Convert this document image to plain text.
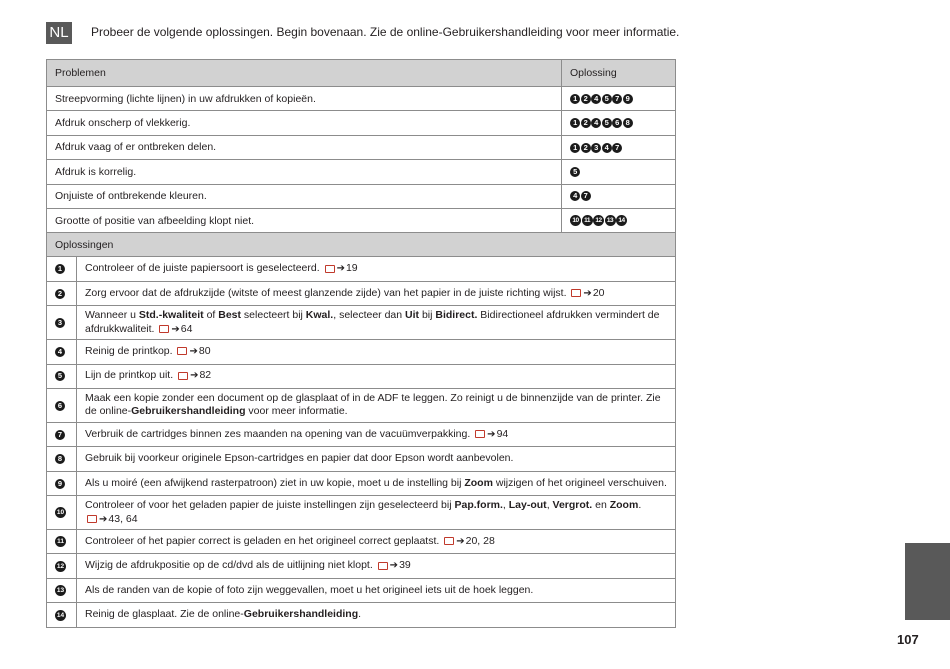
NL Probeer de volgende oplossingen. Begin bovenaan. Zie de online-Gebruikershandleiding voor meer informatie.
Problemen		Oplossing
Streepvorming (lichte lijnen) in uw afdrukken of kopieën.		1 2 4 5 7 9
Afdruk onscherp of vlekkerig.		1 2 4 5 6 8
Afdruk vaag of er ontbreken delen.		1 2 3 4 7
Afdruk is korrelig.		5
Onjuiste of ontbrekende kleuren.		4 7
Grootte of positie van afbeelding klopt niet.		10 11 12 13 14
Oplossingen		
1	Controleer of de juiste papiersoort is geselecteerd. ➔19	
2	Zorg ervoor dat de afdrukzijde (witste of meest glanzende zijde) van het papier in de juiste richting wijst. ➔20	
3	Wanneer u Std.-kwaliteit of Best selecteert bij Kwal., selecteer dan Uit bij Bidirect. Bidirectioneel afdrukken vermindert de afdrukkwaliteit. ➔64	
4	Reinig de printkop. ➔80	
5	Lijn de printkop uit. ➔82	
6	Maak een kopie zonder een document op de glasplaat of in de ADF te leggen. Zo reinigt u de binnenzijde van de printer. Zie de online-Gebruikershandleiding voor meer informatie.	
7	Verbruik de cartridges binnen zes maanden na opening van de vacuümverpakking. ➔94	
8	Gebruik bij voorkeur originele Epson-cartridges en papier dat door Epson wordt aanbevolen.	
9	Als u moiré (een afwijkend rasterpatroon) ziet in uw kopie, moet u de instelling bij Zoom wijzigen of het origineel verschuiven.	
10	Controleer of voor het geladen papier de juiste instellingen zijn geselecteerd bij Pap.form., Lay-out, Vergrot. en Zoom.
➔43, 64	
11	Controleer of het papier correct is geladen en het origineel correct geplaatst. ➔20, 28	
12	Wijzig de afdrukpositie op de cd/dvd als de uitlijning niet klopt. ➔39	
13	Als de randen van de kopie of foto zijn weggevallen, moet u het origineel iets uit de hoek leggen.	
14	Reinig de glasplaat. Zie de online-Gebruikershandleiding.	
107
